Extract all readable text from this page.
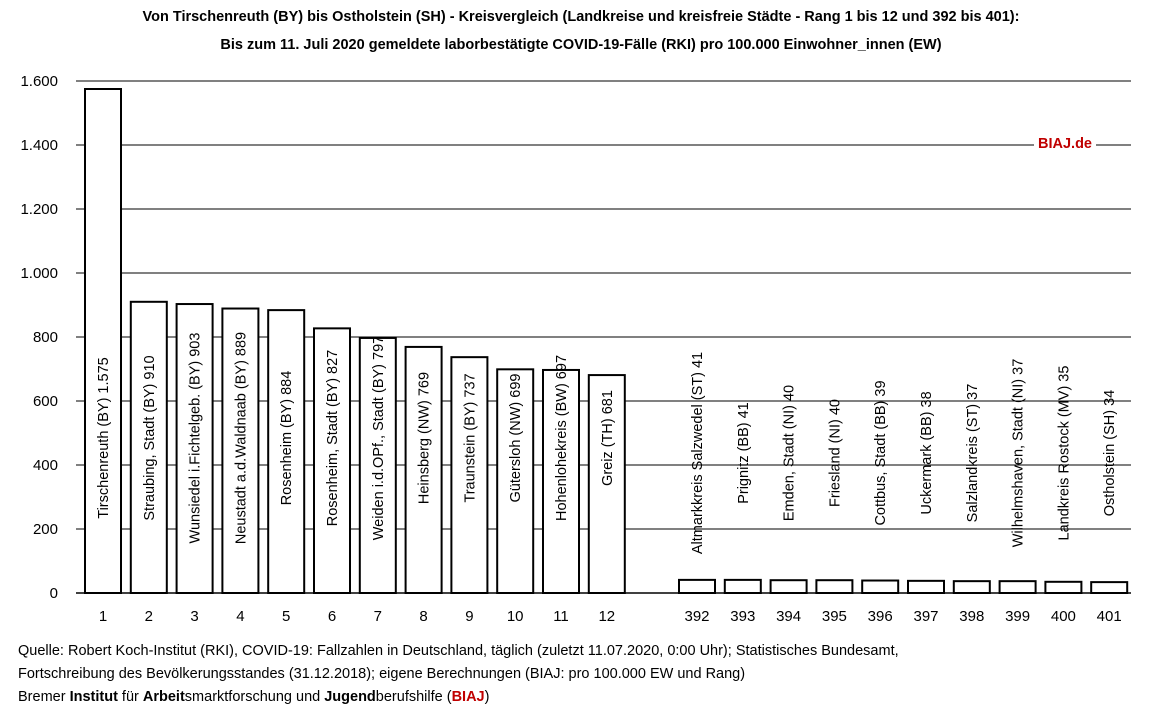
Von Tirschenreuth (BY) bis Ostholstein (SH) - Kreisvergleich (Landkreise und kreisfreie Städte - Rang 1 bis 12 und 392 bis 401):
Bis zum 11. Juli 2020 gemeldete laborbestätigte COVID-19-Fälle (RKI) pro 100.000 Einwohner_innen (EW)
0
200
400
600
800
1.000
1.200
1.400
1.600
1
Tirschenreuth (BY) 1.575
2
Straubing, Stadt (BY) 910
3
Wunsiedel i.Fichtelgeb. (BY) 903
4
Neustadt a.d.Waldnaab (BY) 889
5
Rosenheim (BY) 884
6
Rosenheim, Stadt (BY) 827
7
Weiden i.d.OPf., Stadt (BY) 797
8
Heinsberg (NW) 769
9
Traunstein (BY) 737
10
Gütersloh (NW) 699
11
Hohenlohekreis (BW) 697
12
Greiz (TH) 681
392
Altmarkkreis Salzwedel (ST) 41
393
Prignitz (BB) 41
394
Emden, Stadt (NI) 40
395
Friesland (NI) 40
396
Cottbus, Stadt (BB) 39
397
Uckermark (BB) 38
398
Salzlandkreis (ST) 37
399
Wilhelmshaven, Stadt (NI) 37
400
Landkreis Rostock (MV) 35
401
Ostholstein (SH) 34
BIAJ.de
Quelle: Robert Koch-Institut (RKI), COVID-19: Fallzahlen in Deutschland, täglich (zuletzt 11.07.2020, 0:00 Uhr); Statistisches Bundesamt,
Fortschreibung des Bevölkerungsstandes (31.12.2018); eigene Berechnungen (BIAJ: pro 100.000 EW und Rang)
Bremer Institut für Arbeitsmarktforschung und Jugendberufshilfe (BIAJ)
